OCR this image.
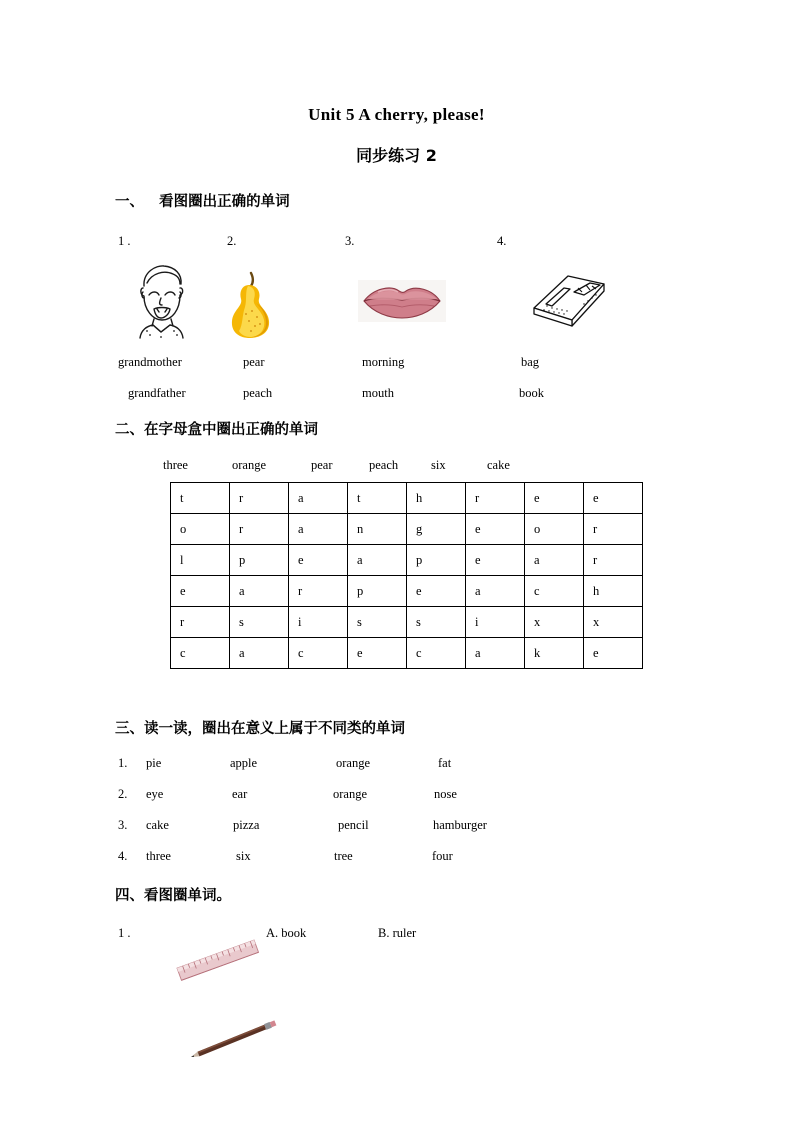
Unit 5 A cherry, please!
同步练习 2
一、   看图圈出正确的单词
1 .	2.	3.	4.
grandmother	pear	morning	bag
grandfather	peach	mouth	book
二、在字母盒中圈出正确的单词
three	orange	pear	peach	six	cake
t	r	a	t	h	r	e	e
o	r	a	n	g	e	o	r
l	p	e	a	p	e	a	r
e	a	r	p	e	a	c	h
r	s	i	s	s	i	x	x
c	a	c	e	c	a	k	e
三、读一读，圈出在意义上属于不同类的单词
1. pie	apple	orange	fat
2. eye	ear	orange	nose
3. cake	pizza	pencil	hamburger
4. three	six	tree	four
四、看图圈单词。
1 .	A. book	B. ruler
